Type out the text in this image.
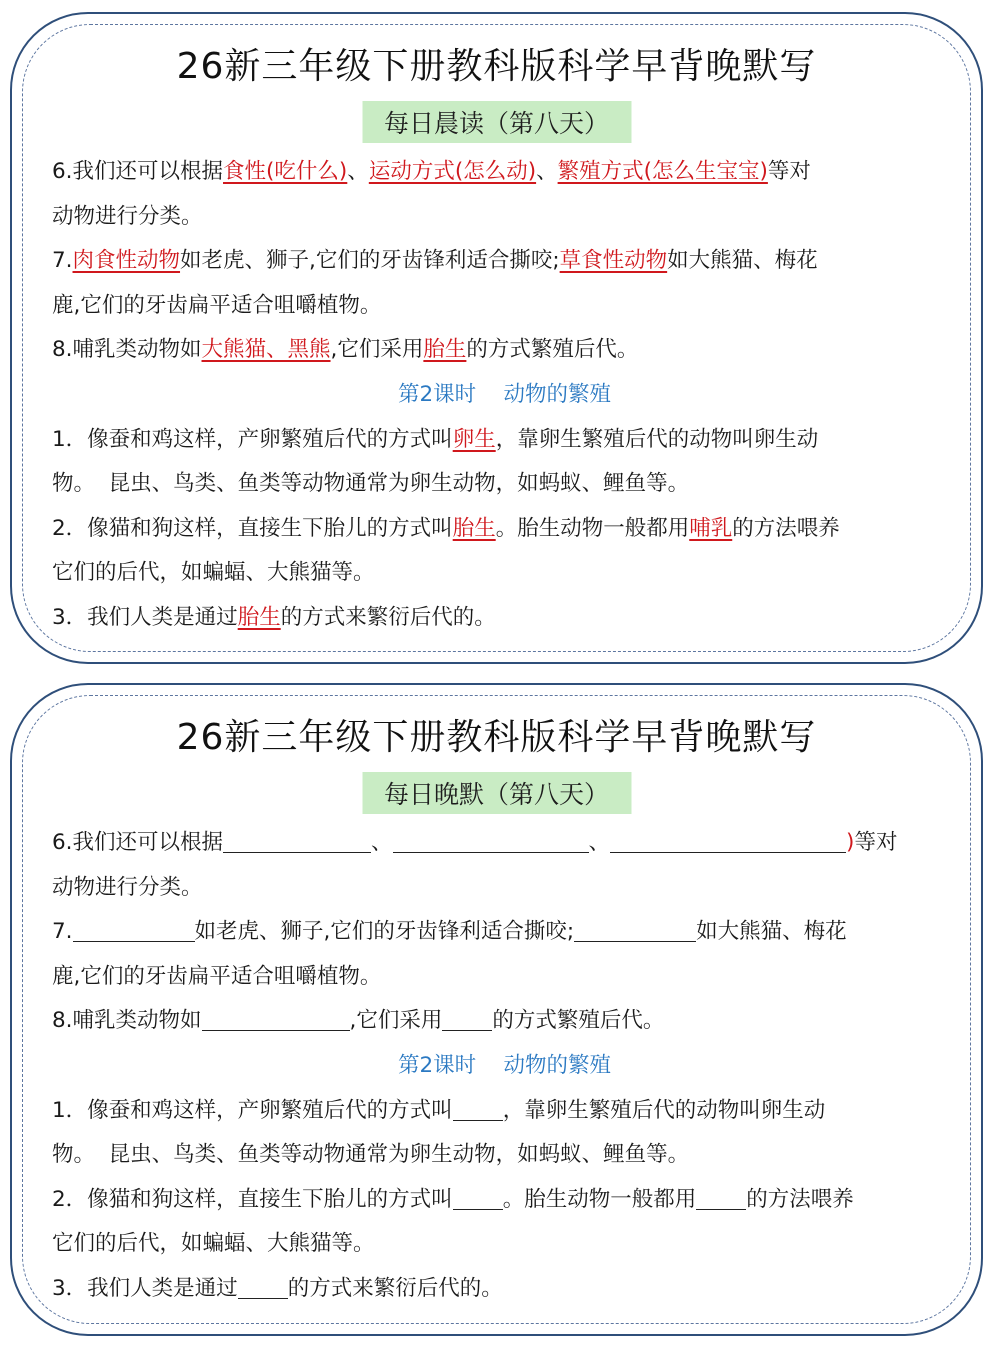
26新三年级下册教科版科学早背晚默写
每日晨读（第八天）
6.我们还可以根据食性(吃什么)、运动方式(怎么动)、繁殖方式(怎么生宝宝)等对
动物进行分类。
7.肉食性动物如老虎、狮子,它们的牙齿锋利适合撕咬;草食性动物如大熊猫、梅花
鹿,它们的牙齿扁平适合咀嚼植物。
8.哺乳类动物如大熊猫、黑熊,它们采用胎生的方式繁殖后代。
第2课时    动物的繁殖
1．像蚕和鸡这样，产卵繁殖后代的方式叫卵生，靠卵生繁殖后代的动物叫卵生动
物。  昆虫、鸟类、鱼类等动物通常为卵生动物，如蚂蚁、鲤鱼等。
2．像猫和狗这样，直接生下胎儿的方式叫胎生。胎生动物一般都用哺乳的方法喂养
它们的后代，如蝙蝠、大熊猫等。
3．我们人类是通过胎生的方式来繁衍后代的。
26新三年级下册教科版科学早背晚默写
每日晚默（第八天）
6.我们还可以根据	、	、	)等对
动物进行分类。
7.	如老虎、狮子,它们的牙齿锋利适合撕咬;	如大熊猫、梅花
鹿,它们的牙齿扁平适合咀嚼植物。
8.哺乳类动物如	,它们采用 的方式繁殖后代。
第2课时    动物的繁殖
1．像蚕和鸡这样，产卵繁殖后代的方式叫 ，靠卵生繁殖后代的动物叫卵生动
物。  昆虫、鸟类、鱼类等动物通常为卵生动物，如蚂蚁、鲤鱼等。
2．像猫和狗这样，直接生下胎儿的方式叫 。胎生动物一般都用 的方法喂养
它们的后代，如蝙蝠、大熊猫等。
3．我们人类是通过 的方式来繁衍后代的。
